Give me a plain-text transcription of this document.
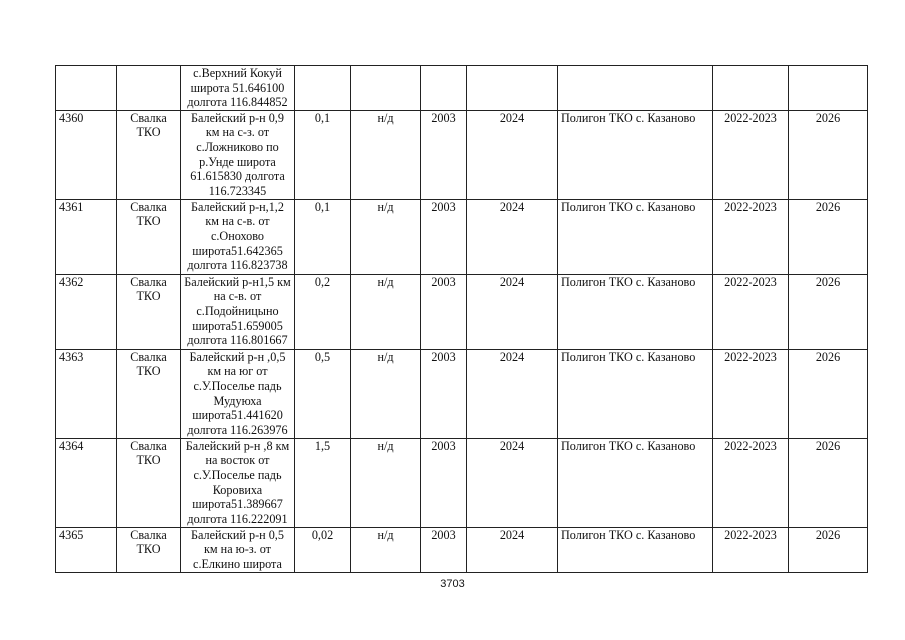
		с.Верхний Кокуй широта 51.646100 долгота 116.844852							
4360	Свалка ТКО	Балейский р-н 0,9 км на с-з. от с.Ложниково по р.Унде широта 61.615830 долгота 116.723345	0,1	н/д	2003	2024	Полигон ТКО с. Казаново	2022-2023	2026
4361	Свалка ТКО	Балейский р-н,1,2 км на с-в. от с.Онохово широта51.642365 долгота 116.823738	0,1	н/д	2003	2024	Полигон ТКО с. Казаново	2022-2023	2026
4362	Свалка ТКО	Балейский р-н1,5 км на с-в. от с.Подойницыно широта51.659005 долгота 116.801667	0,2	н/д	2003	2024	Полигон ТКО с. Казаново	2022-2023	2026
4363	Свалка ТКО	Балейский р-н ,0,5 км на юг от с.У.Поселье падь Мудуюха широта51.441620 долгота 116.263976	0,5	н/д	2003	2024	Полигон ТКО с. Казаново	2022-2023	2026
4364	Свалка ТКО	Балейский р-н ,8 км на восток от с.У.Поселье падь Коровиха широта51.389667 долгота 116.222091	1,5	н/д	2003	2024	Полигон ТКО с. Казаново	2022-2023	2026
4365	Свалка ТКО	Балейский р-н 0,5 км на ю-з. от с.Елкино широта	0,02	н/д	2003	2024	Полигон ТКО с. Казаново	2022-2023	2026
3703
